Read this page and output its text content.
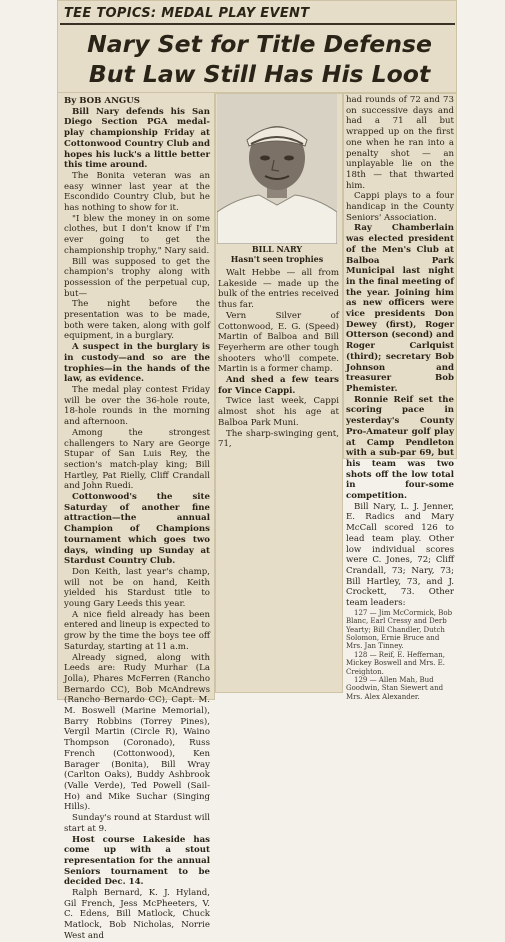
TEE TOPICS: MEDAL PLAY EVENT
Nary Set for Title Defense
But Law Still Has His Loot

By BOB ANGUS

Bill Nary defends his San Diego Section PGA medal-play championship Friday at Cottonwood Country Club and hopes his luck's a little better this time around.

The Bonita veteran was an easy winner last year at the Escondido Country Club, but he has nothing to show for it.

"I blew the money in on some clothes, but I don't know if I'm ever going to get the championship trophy," Nary said.

Bill was supposed to get the champion's trophy along with possession of the perpetual cup, but—

The night before the presentation was to be made, both were taken, along with golf equipment, in a burglary.

A suspect in the burglary is in custody—and so are the trophies—in the hands of the law, as evidence.

The medal play contest Friday will be over the 36-hole route, 18-hole rounds in the morning and afternoon.

Among the strongest challengers to Nary are George Stupar of San Luis Rey, the section's match-play king; Bill Hartley, Pat Rielly, Cliff Crandall and John Ruedi.

Cottonwood's the site Saturday of another fine attraction—the annual Champion of Champions tournament which goes two days, winding up Sunday at Stardust Country Club.

Don Keith, last year's champ, will not be on hand, Keith yielded his Stardust title to young Gary Leeds this year.

A nice field already has been entered and lineup is expected to grow by the time the boys tee off Saturday, starting at 11 a.m.

Already signed, along with Leeds are: Rudy Murhar (La Jolla), Phares McFerren (Rancho Bernardo CC), Bob McAndrews (Rancho Bernardo CC), Capt. M. M. Boswell (Marine Memorial), Barry Robbins (Torrey Pines), Vergil Martin (Circle R), Waino Thompson (Coronado), Russ French (Cottonwood), Ken Barager (Bonita), Bill Wray (Carlton Oaks), Buddy Ashbrook (Valle Verde), Ted Powell (Sail-Ho) and Mike Suchar (Singing Hills).

Sunday's round at Stardust will start at 9.

Host course Lakeside has come up with a stout representation for the annual Seniors tournament to be decided Dec. 14.

Ralph Bernard, K. J. Hyland, Gil French, Jess McPheeters, V. C. Edens, Bill Matlock, Chuck Matlock, Bob Nicholas, Norrie West and

BILL NARY
Hasn't seen trophies

Walt Hebbe — all from Lakeside — made up the bulk of the entries received thus far.

Vern Silver of Cottonwood, E. G. (Speed) Martin of Balboa and Bill Feyerherm are other tough shooters who'll compete. Martin is a former champ.

And shed a few tears for Vince Cappi.

Twice last week, Cappi almost shot his age at Balboa Park Muni.

The sharp-swinging gent, 71,

had rounds of 72 and 73 on successive days and had a 71 all but wrapped up on the first one when he ran into a penalty shot — an unplayable lie on the 18th — that thwarted him.

Cappi plays to a four handicap in the County Seniors' Association.

Ray Chamberlain was elected president of the Men's Club at Balboa Park Municipal last night in the final meeting of the year. Joining him as new officers were vice presidents Don Dewey (first), Roger Otterson (second) and Roger Carlquist (third); secretary Bob Johnson and treasurer Bob Phemister.

Ronnie Reif set the scoring pace in yesterday's County Pro-Amateur golf play at Camp Pendleton with a sub-par 69, but his team was two shots off the low total in four-some competition.

Bill Nary, L. J. Jenner, E. Radics and Mary McCall scored 126 to lead team play. Other low individual scores were C. Jones, 72; Cliff Crandall, 73; Nary, 73; Bill Hartley, 73, and J. Crockett, 73. Other team leaders:

127 — Jim McCormick, Bob Blanc, Earl Cressy and Derb Yearty; Bill Chandler, Dutch Solomon, Ernie Bruce and Mrs. Jan Tinney.

128 — Reif, E. Heffernan, Mickey Boswell and Mrs. E. Creighton.

129 — Allen Mah, Bud Goodwin, Stan Siewert and Mrs. Alex Alexander.
